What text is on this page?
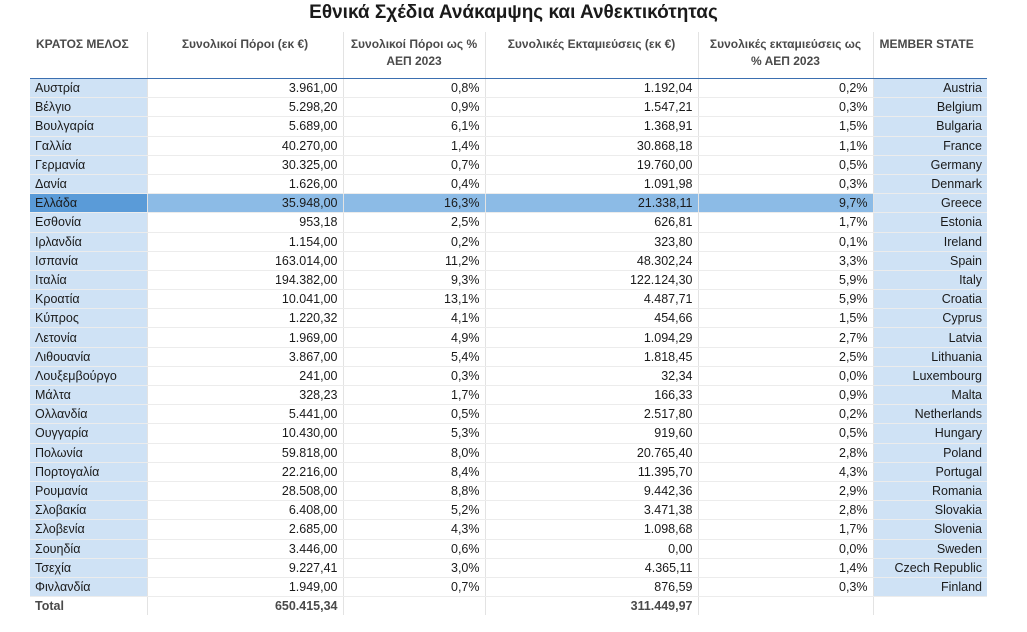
Εθνικά Σχέδια Ανάκαμψης και Ανθεκτικότητας
ΚΡΑΤΟΣ ΜΕΛΟΣ	Συνολικοί Πόροι (εκ €)	Συνολικοί Πόροι ως % ΑΕΠ 2023	Συνολικές Εκταμιεύσεις (εκ €)	Συνολικές εκταμιεύσεις ως % ΑΕΠ 2023	MEMBER STATE
Αυστρία	3.961,00	0,8%	1.192,04	0,2%	Austria
Βέλγιο	5.298,20	0,9%	1.547,21	0,3%	Belgium
Βουλγαρία	5.689,00	6,1%	1.368,91	1,5%	Bulgaria
Γαλλία	40.270,00	1,4%	30.868,18	1,1%	France
Γερμανία	30.325,00	0,7%	19.760,00	0,5%	Germany
Δανία	1.626,00	0,4%	1.091,98	0,3%	Denmark
Ελλάδα	35.948,00	16,3%	21.338,11	9,7%	Greece
Εσθονία	953,18	2,5%	626,81	1,7%	Estonia
Ιρλανδία	1.154,00	0,2%	323,80	0,1%	Ireland
Ισπανία	163.014,00	11,2%	48.302,24	3,3%	Spain
Ιταλία	194.382,00	9,3%	122.124,30	5,9%	Italy
Κροατία	10.041,00	13,1%	4.487,71	5,9%	Croatia
Κύπρος	1.220,32	4,1%	454,66	1,5%	Cyprus
Λετονία	1.969,00	4,9%	1.094,29	2,7%	Latvia
Λιθουανία	3.867,00	5,4%	1.818,45	2,5%	Lithuania
Λουξεμβούργο	241,00	0,3%	32,34	0,0%	Luxembourg
Μάλτα	328,23	1,7%	166,33	0,9%	Malta
Ολλανδία	5.441,00	0,5%	2.517,80	0,2%	Netherlands
Ουγγαρία	10.430,00	5,3%	919,60	0,5%	Hungary
Πολωνία	59.818,00	8,0%	20.765,40	2,8%	Poland
Πορτογαλία	22.216,00	8,4%	11.395,70	4,3%	Portugal
Ρουμανία	28.508,00	8,8%	9.442,36	2,9%	Romania
Σλοβακία	6.408,00	5,2%	3.471,38	2,8%	Slovakia
Σλοβενία	2.685,00	4,3%	1.098,68	1,7%	Slovenia
Σουηδία	3.446,00	0,6%	0,00	0,0%	Sweden
Τσεχία	9.227,41	3,0%	4.365,11	1,4%	Czech Republic
Φινλανδία	1.949,00	0,7%	876,59	0,3%	Finland
Total	650.415,34		311.449,97		
